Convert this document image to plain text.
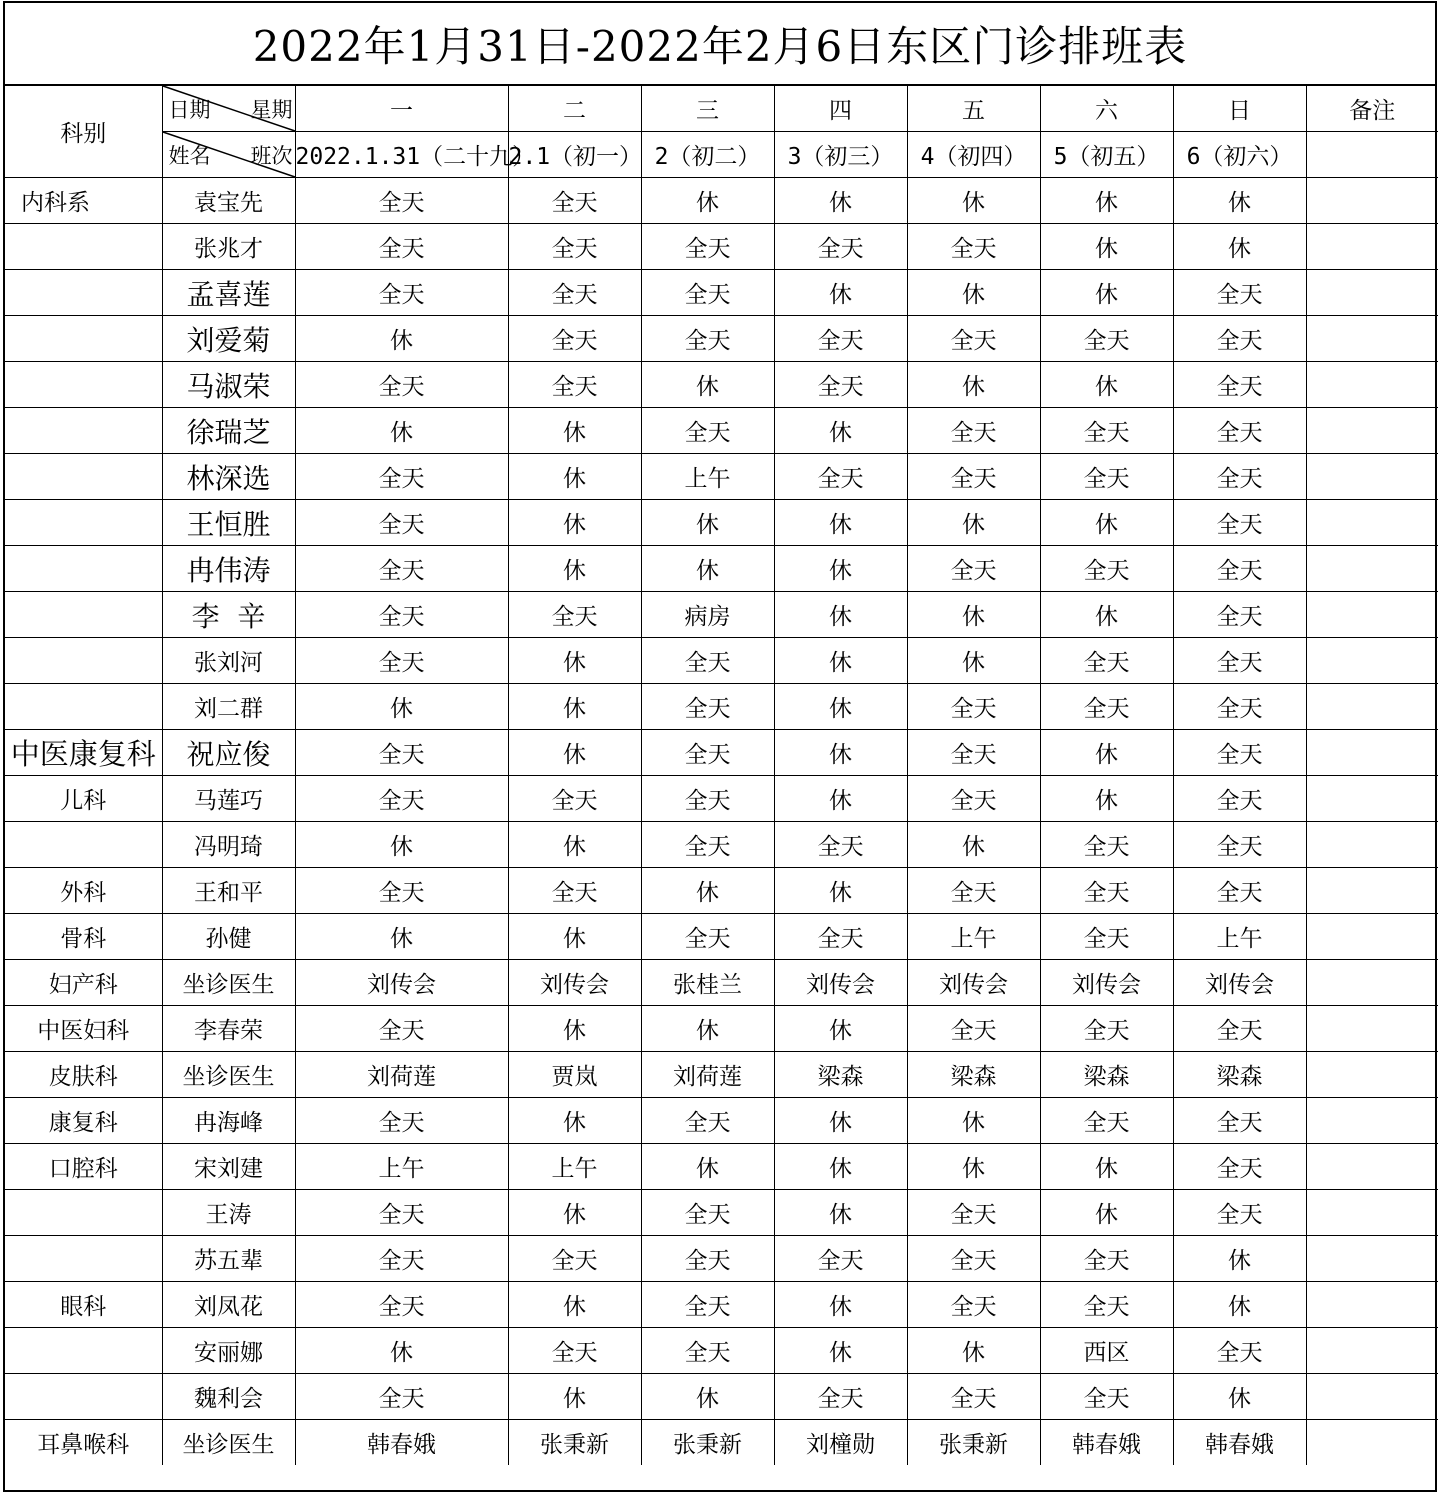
2022年1月31日-2022年2月6日东区门诊排班表
科别	日期 星期	一	二	三	四	五	六	日	备注

	姓名 班次	2022.1.31（二十九）	2.1（初一）	2（初二）	3（初三）	4（初四）	5（初五）	6（初六）	
内科系	袁宝先	全天	全天	休	休	休	休	休	
	张兆才	全天	全天	全天	全天	全天	休	休	
	孟喜莲	全天	全天	全天	休	休	休	全天	
	刘爱菊	休	全天	全天	全天	全天	全天	全天	
	马淑荣	全天	全天	休	全天	休	休	全天	
	徐瑞芝	休	休	全天	休	全天	全天	全天	
	林深选	全天	休	上午	全天	全天	全天	全天	
	王恒胜	全天	休	休	休	休	休	全天	
	冉伟涛	全天	休	休	休	全天	全天	全天	
	李  辛	全天	全天	病房	休	休	休	全天	
	张刘河	全天	休	全天	休	休	全天	全天	
	刘二群	休	休	全天	休	全天	全天	全天	
中医康复科	祝应俊	全天	休	全天	休	全天	休	全天	
儿科	马莲巧	全天	全天	全天	休	全天	休	全天	
	冯明琦	休	休	全天	全天	休	全天	全天	
外科	王和平	全天	全天	休	休	全天	全天	全天	
骨科	孙健	休	休	全天	全天	上午	全天	上午	
妇产科	坐诊医生	刘传会	刘传会	张桂兰	刘传会	刘传会	刘传会	刘传会	
中医妇科	李春荣	全天	休	休	休	全天	全天	全天	
皮肤科	坐诊医生	刘荷莲	贾岚	刘荷莲	梁森	梁森	梁森	梁森	
康复科	冉海峰	全天	休	全天	休	休	全天	全天	
口腔科	宋刘建	上午	上午	休	休	休	休	全天	
	王涛	全天	休	全天	休	全天	休	全天	
	苏五辈	全天	全天	全天	全天	全天	全天	休	
眼科	刘凤花	全天	休	全天	休	全天	全天	休	
	安丽娜	休	全天	全天	休	休	西区	全天	
	魏利会	全天	休	休	全天	全天	全天	休	
耳鼻喉科	坐诊医生	韩春娥	张秉新	张秉新	刘橦勋	张秉新	韩春娥	韩春娥	
